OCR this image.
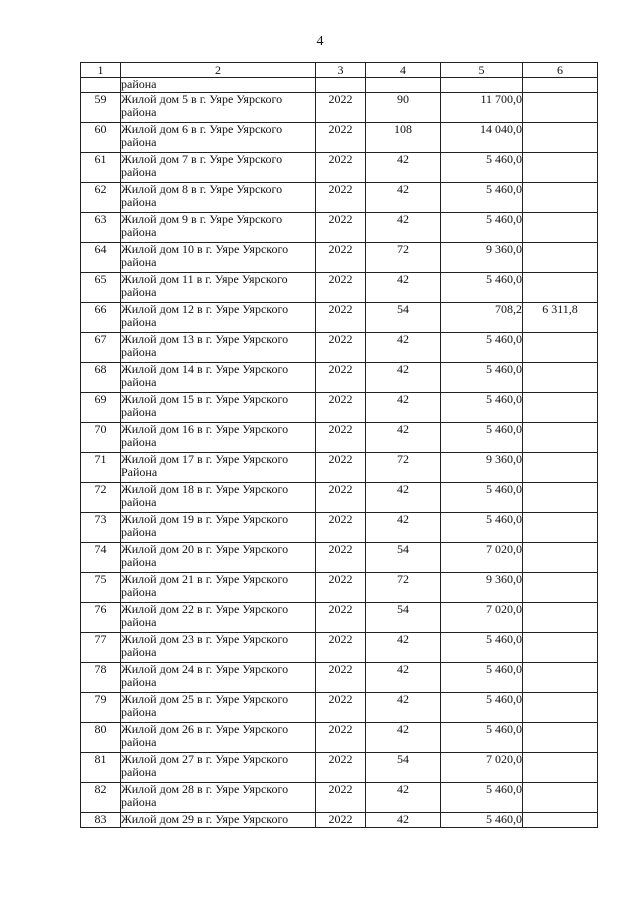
4
1	2	3	4	5	6
	района				
59	Жилой дом 5 в г. Уяре Уярского района	2022	90	11 700,0	
60	Жилой дом 6 в г. Уяре Уярского района	2022	108	14 040,0	
61	Жилой дом 7 в г. Уяре Уярского района	2022	42	5 460,0	
62	Жилой дом 8 в г. Уяре Уярского района	2022	42	5 460,0	
63	Жилой дом 9 в г. Уяре Уярского района	2022	42	5 460,0	
64	Жилой дом 10 в г. Уяре Уярского района	2022	72	9 360,0	
65	Жилой дом 11 в г. Уяре Уярского района	2022	42	5 460,0	
66	Жилой дом 12 в г. Уяре Уярского района	2022	54	708,2	6 311,8
67	Жилой дом 13 в г. Уяре Уярского района	2022	42	5 460,0	
68	Жилой дом 14 в г. Уяре Уярского района	2022	42	5 460,0	
69	Жилой дом 15 в г. Уяре Уярского района	2022	42	5 460,0	
70	Жилой дом 16 в г. Уяре Уярского района	2022	42	5 460,0	
71	Жилой дом 17 в г. Уяре Уярского Района	2022	72	9 360,0	
72	Жилой дом 18 в г. Уяре Уярского района	2022	42	5 460,0	
73	Жилой дом 19 в г. Уяре Уярского района	2022	42	5 460,0	
74	Жилой дом 20 в г. Уяре Уярского района	2022	54	7 020,0	
75	Жилой дом 21 в г. Уяре Уярского района	2022	72	9 360,0	
76	Жилой дом 22 в г. Уяре Уярского района	2022	54	7 020,0	
77	Жилой дом 23 в г. Уяре Уярского района	2022	42	5 460,0	
78	Жилой дом 24 в г. Уяре Уярского района	2022	42	5 460,0	
79	Жилой дом 25 в г. Уяре Уярского района	2022	42	5 460,0	
80	Жилой дом 26 в г. Уяре Уярского района	2022	42	5 460,0	
81	Жилой дом 27 в г. Уяре Уярского района	2022	54	7 020,0	
82	Жилой дом 28 в г. Уяре Уярского района	2022	42	5 460,0	
83	Жилой дом 29 в г. Уяре Уярского	2022	42	5 460,0	
